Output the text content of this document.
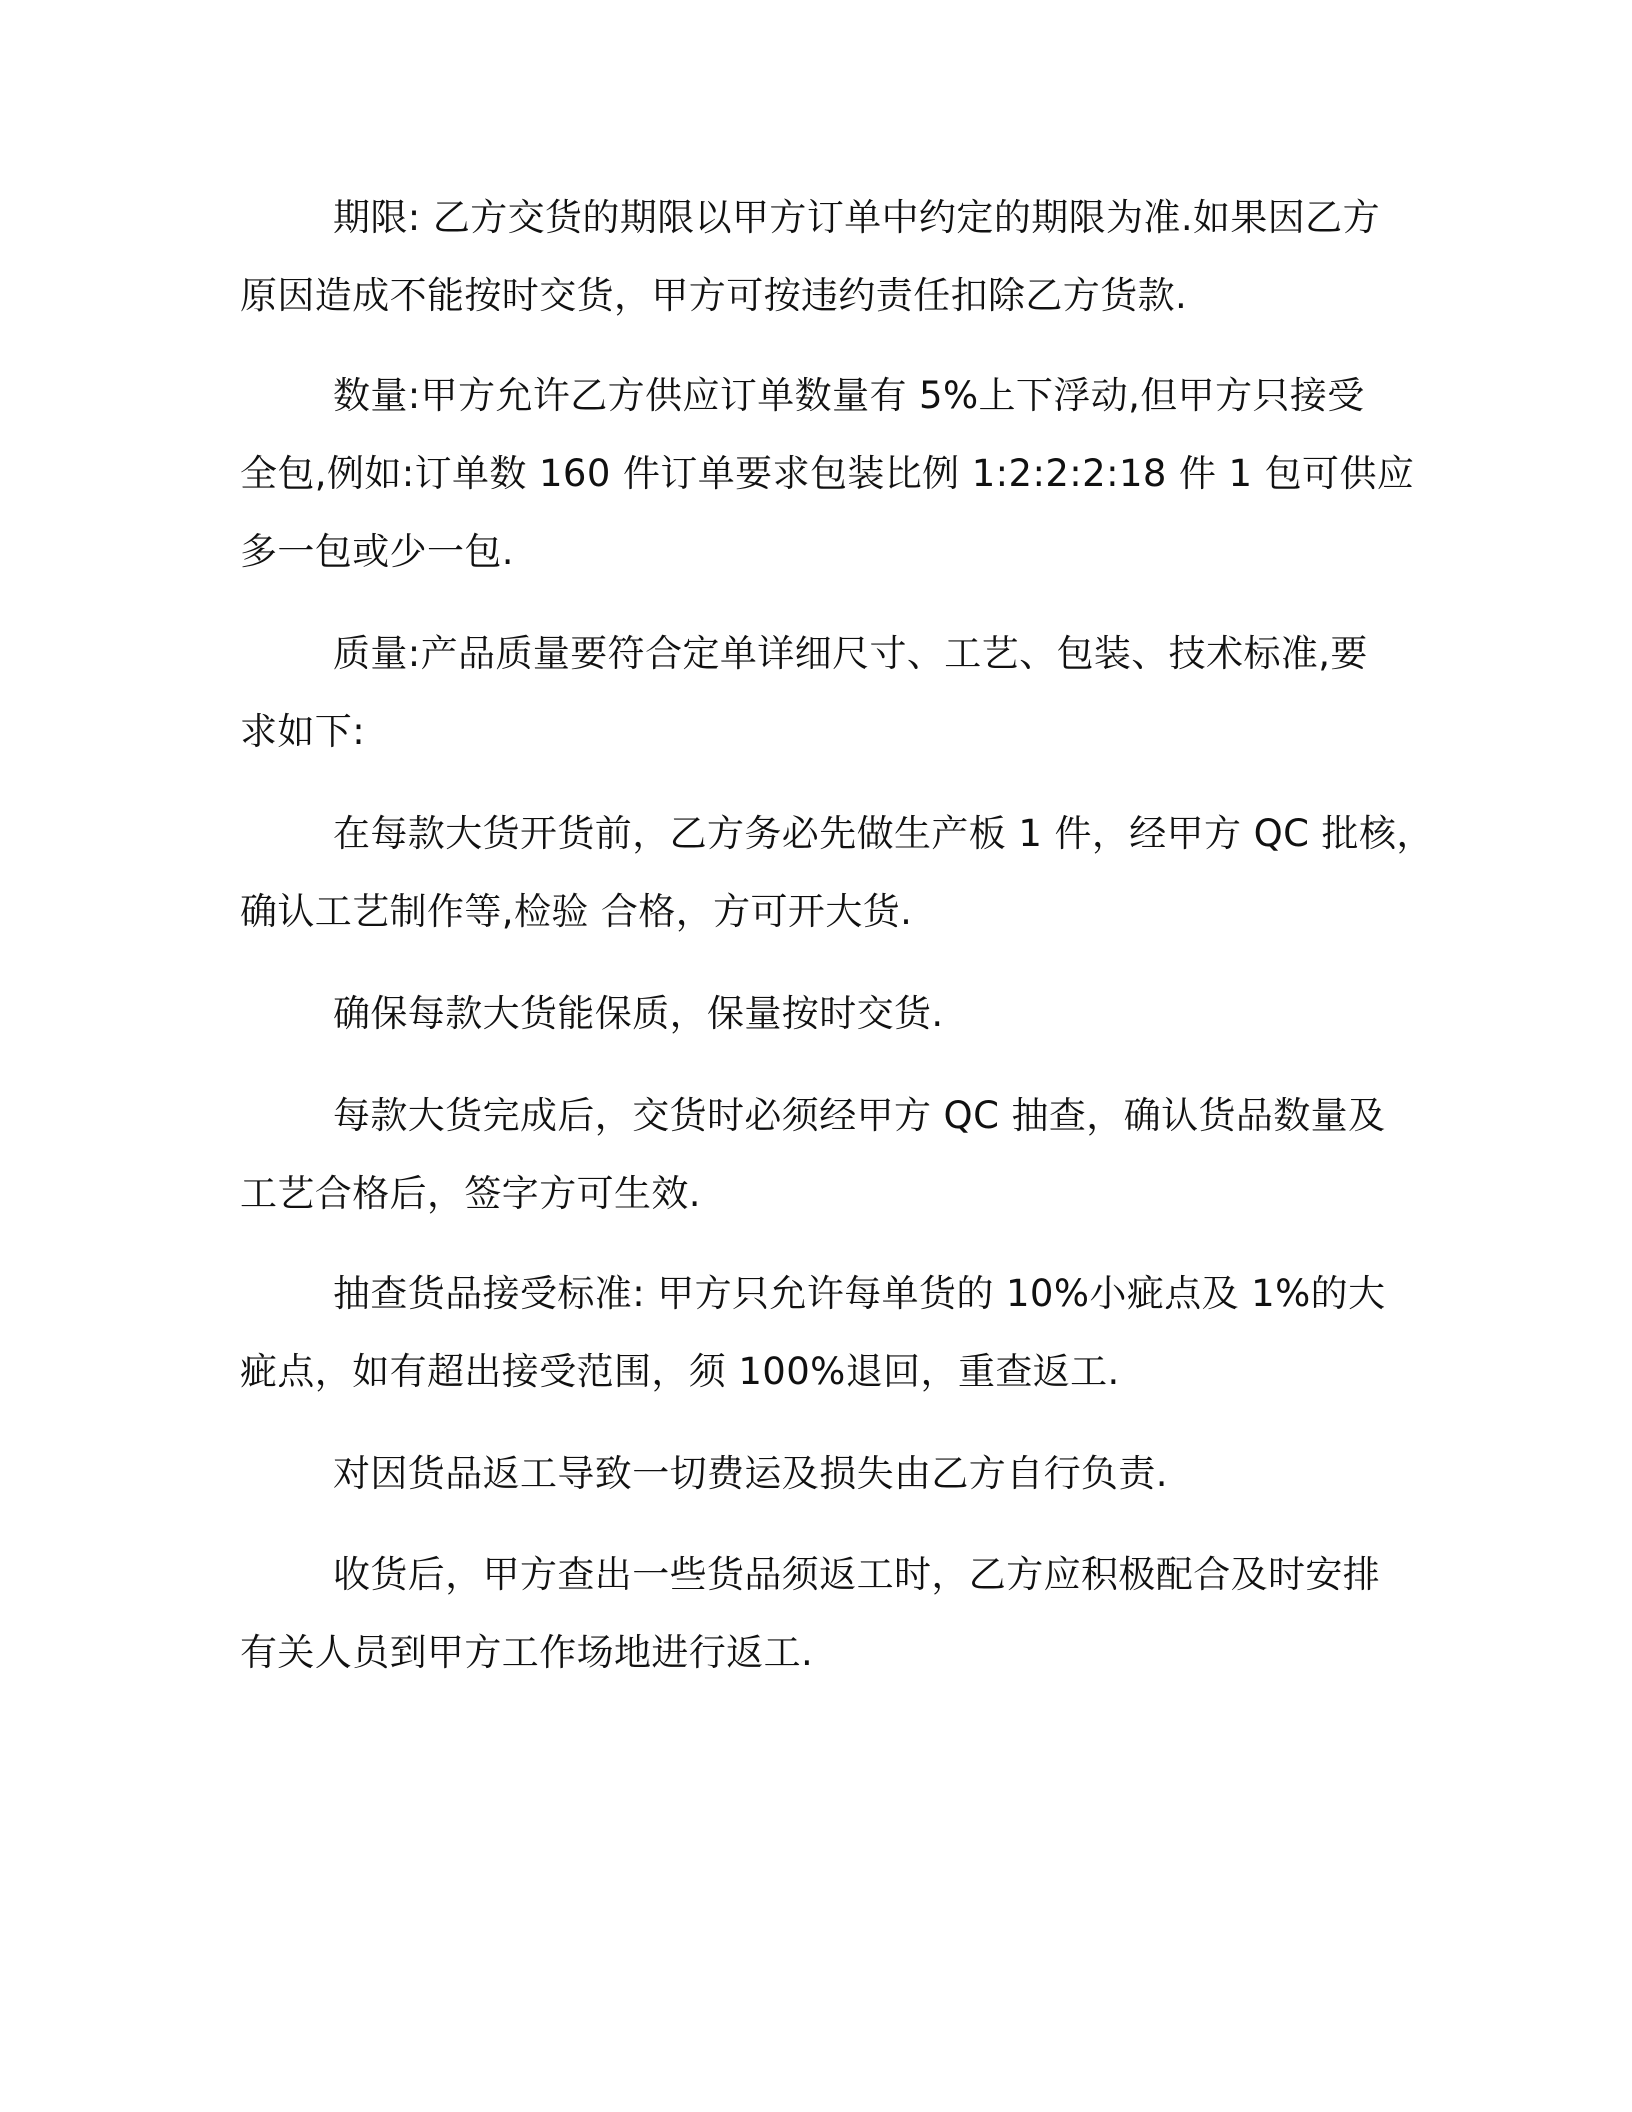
期限: 乙方交货的期限以甲方订单中约定的期限为准.如果因乙方
原因造成不能按时交货，甲方可按违约责任扣除乙方货款.
数量:甲方允许乙方供应订单数量有 5%上下浮动,但甲方只接受
全包,例如:订单数 160 件订单要求包装比例 1:2:2:2:18 件 1 包可供应
多一包或少一包.
质量:产品质量要符合定单详细尺寸、工艺、包装、技术标准,要
求如下:
在每款大货开货前，乙方务必先做生产板 1 件，经甲方 QC 批核，
确认工艺制作等,检验 合格，方可开大货.
确保每款大货能保质，保量按时交货.
每款大货完成后，交货时必须经甲方 QC 抽查，确认货品数量及
工艺合格后，签字方可生效.
抽查货品接受标准: 甲方只允许每单货的 10%小疵点及 1%的大
疵点，如有超出接受范围，须 100%退回，重查返工.
对因货品返工导致一切费运及损失由乙方自行负责.
收货后，甲方查出一些货品须返工时，乙方应积极配合及时安排
有关人员到甲方工作场地进行返工.
